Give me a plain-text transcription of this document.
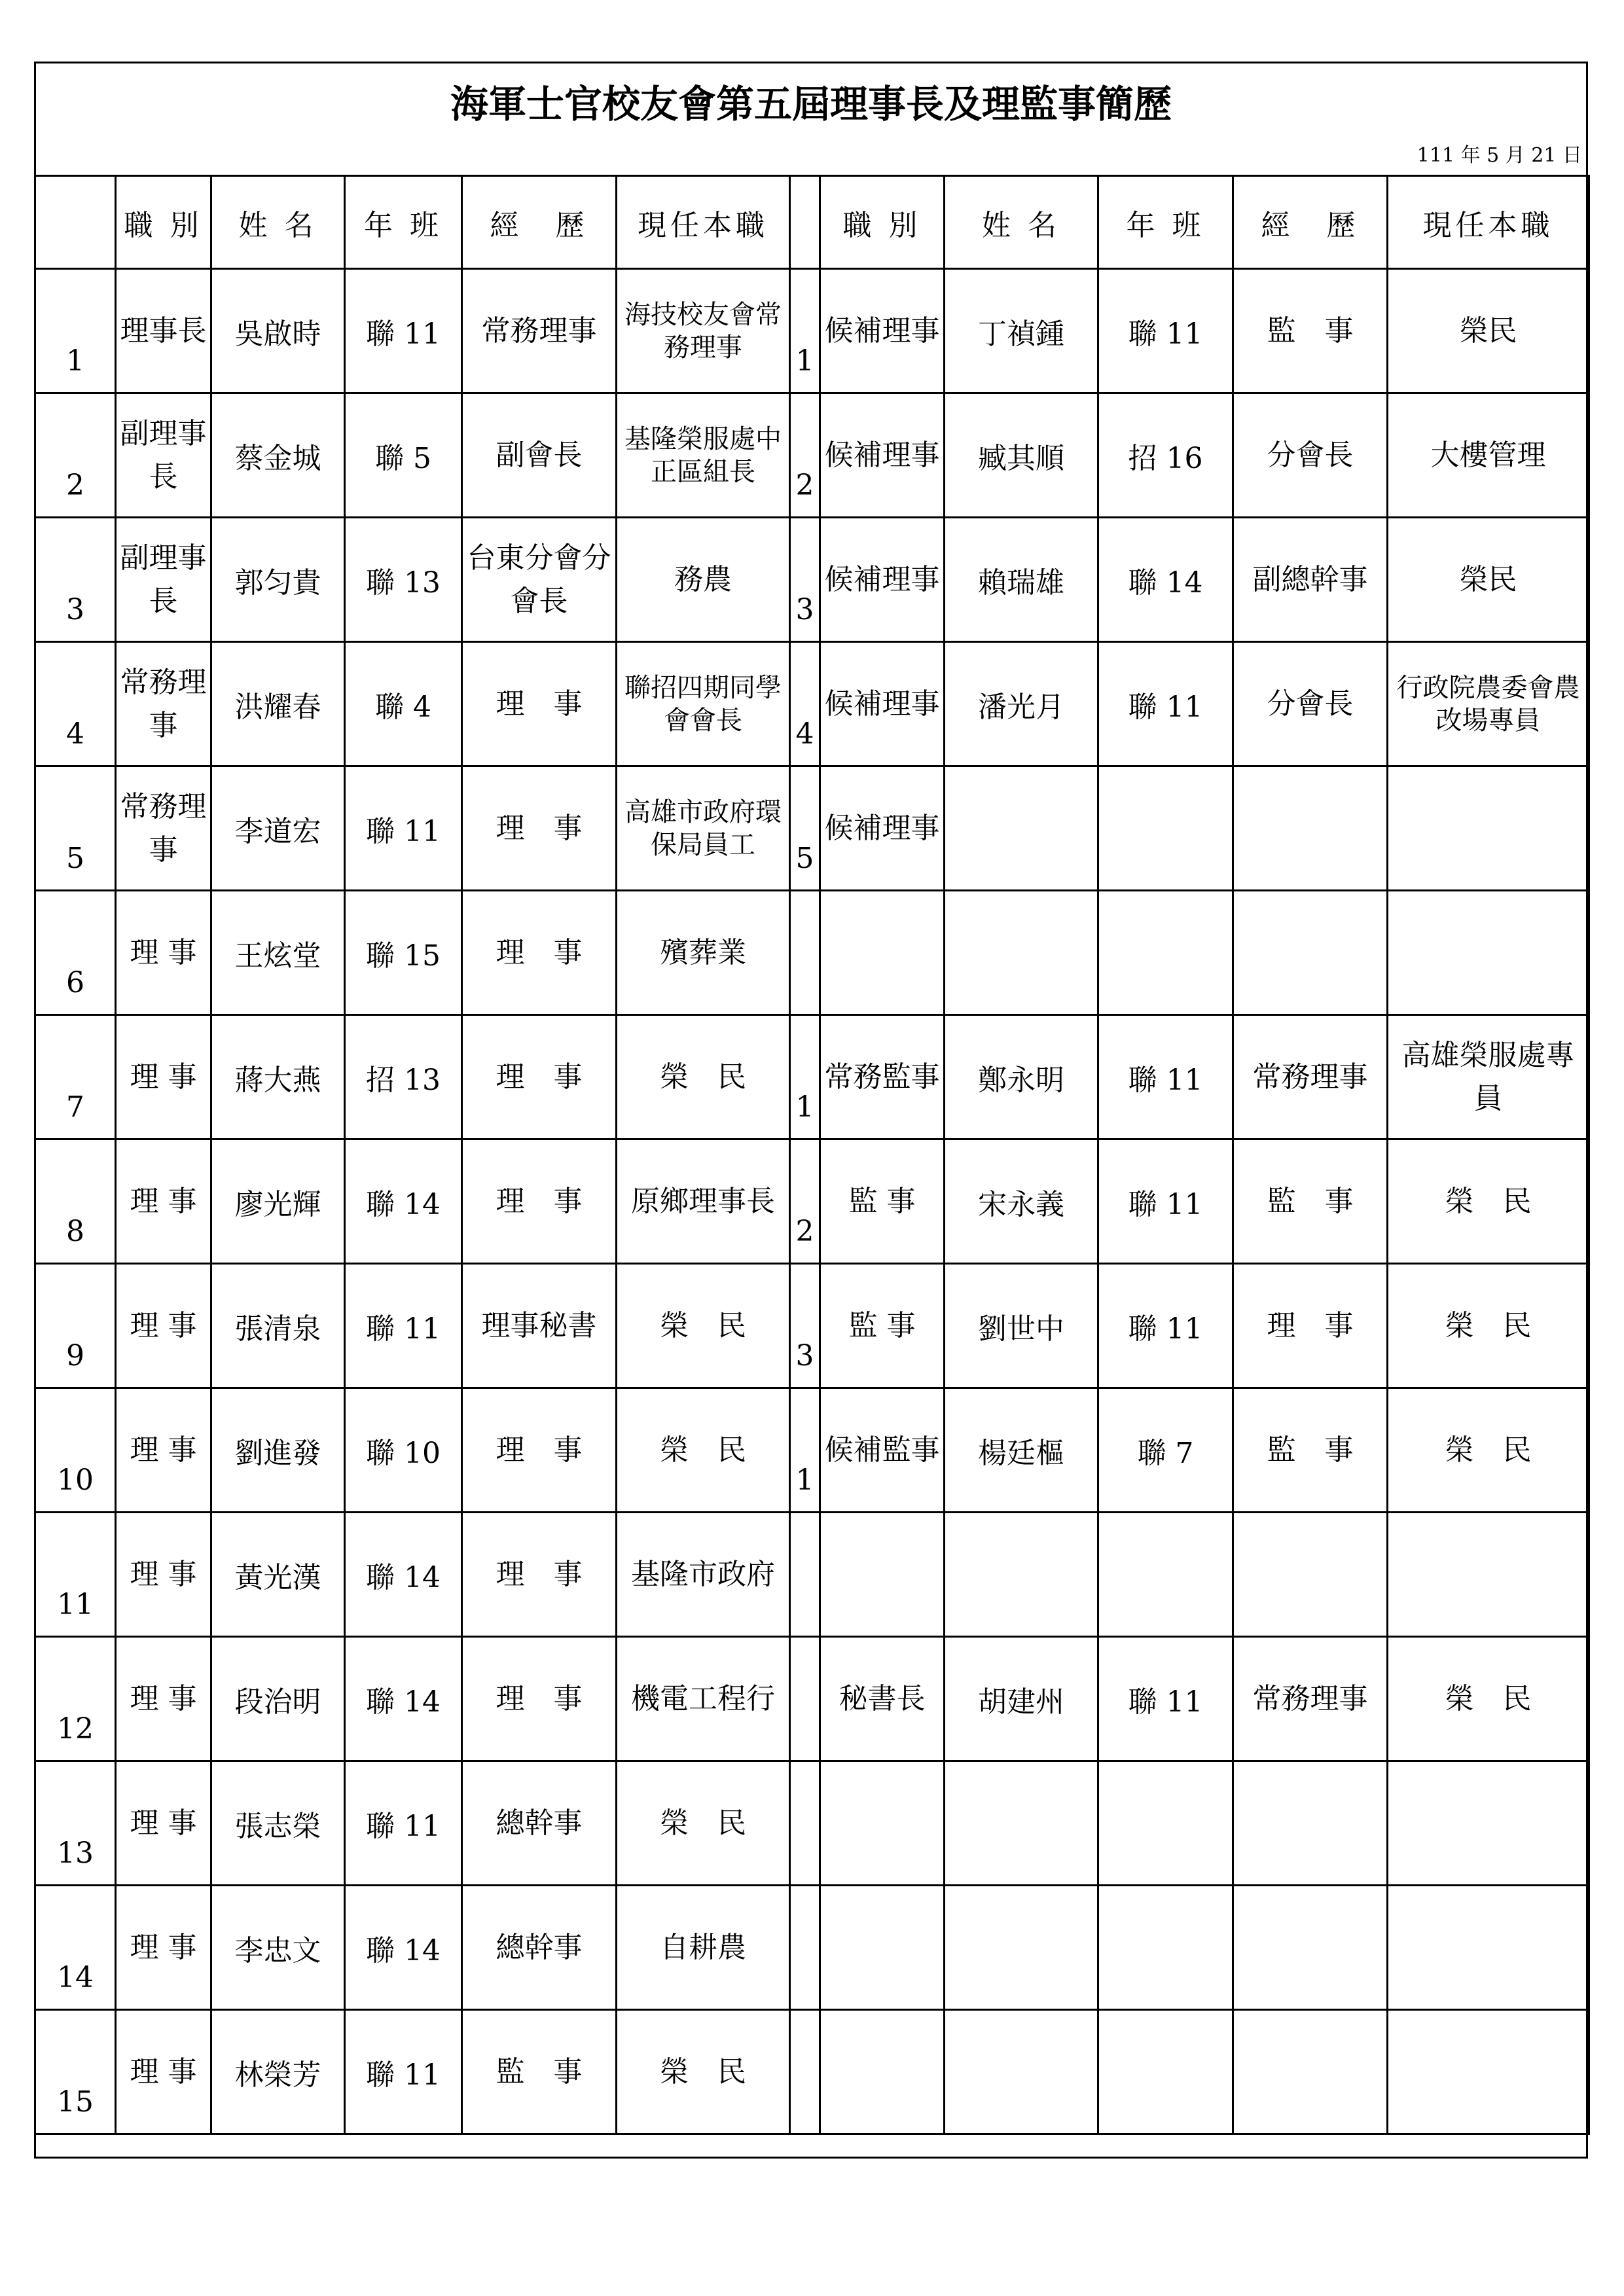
海軍士官校友會第五屆理事長及理監事簡歷
111 年 5 月 21 日
	職 別	姓 名	年 班	經　歷	現任本職		職 別	姓 名	年 班	經　歷	現任本職

1	理事長	吳啟時	聯 11	常務理事	海技校友會常務理事	1	候補理事	丁禎鍾	聯 11	監　事	榮民

2	副理事長	蔡金城	聯 5	副會長	基隆榮服處中正區組長	2	候補理事	臧其順	招 16	分會長	大樓管理

3	副理事長	郭匀貴	聯 13	台東分會分會長	務農	3	候補理事	賴瑞雄	聯 14	副總幹事	榮民

4	常務理事	洪耀春	聯 4	理　事	聯招四期同學會會長	4	候補理事	潘光月	聯 11	分會長	行政院農委會農改場專員

5	常務理事	李道宏	聯 11	理　事	高雄市政府環保局員工	5	候補理事				

6	理 事	王炫堂	聯 15	理　事	殯葬業						

7	理 事	蔣大燕	招 13	理　事	榮　民	1	常務監事	鄭永明	聯 11	常務理事	高雄榮服處專員

8	理 事	廖光輝	聯 14	理　事	原鄉理事長	2	監 事	宋永義	聯 11	監　事	榮　民

9	理 事	張清泉	聯 11	理事秘書	榮　民	3	監 事	劉世中	聯 11	理　事	榮　民

10	理 事	劉進發	聯 10	理　事	榮　民	1	候補監事	楊廷樞	聯 7	監　事	榮　民

11	理 事	黃光漢	聯 14	理　事	基隆市政府						

12	理 事	段治明	聯 14	理　事	機電工程行		秘書長	胡建州	聯 11	常務理事	榮　民

13	理 事	張志榮	聯 11	總幹事	榮　民						

14	理 事	李忠文	聯 14	總幹事	自耕農						

15	理 事	林榮芳	聯 11	監　事	榮　民						
